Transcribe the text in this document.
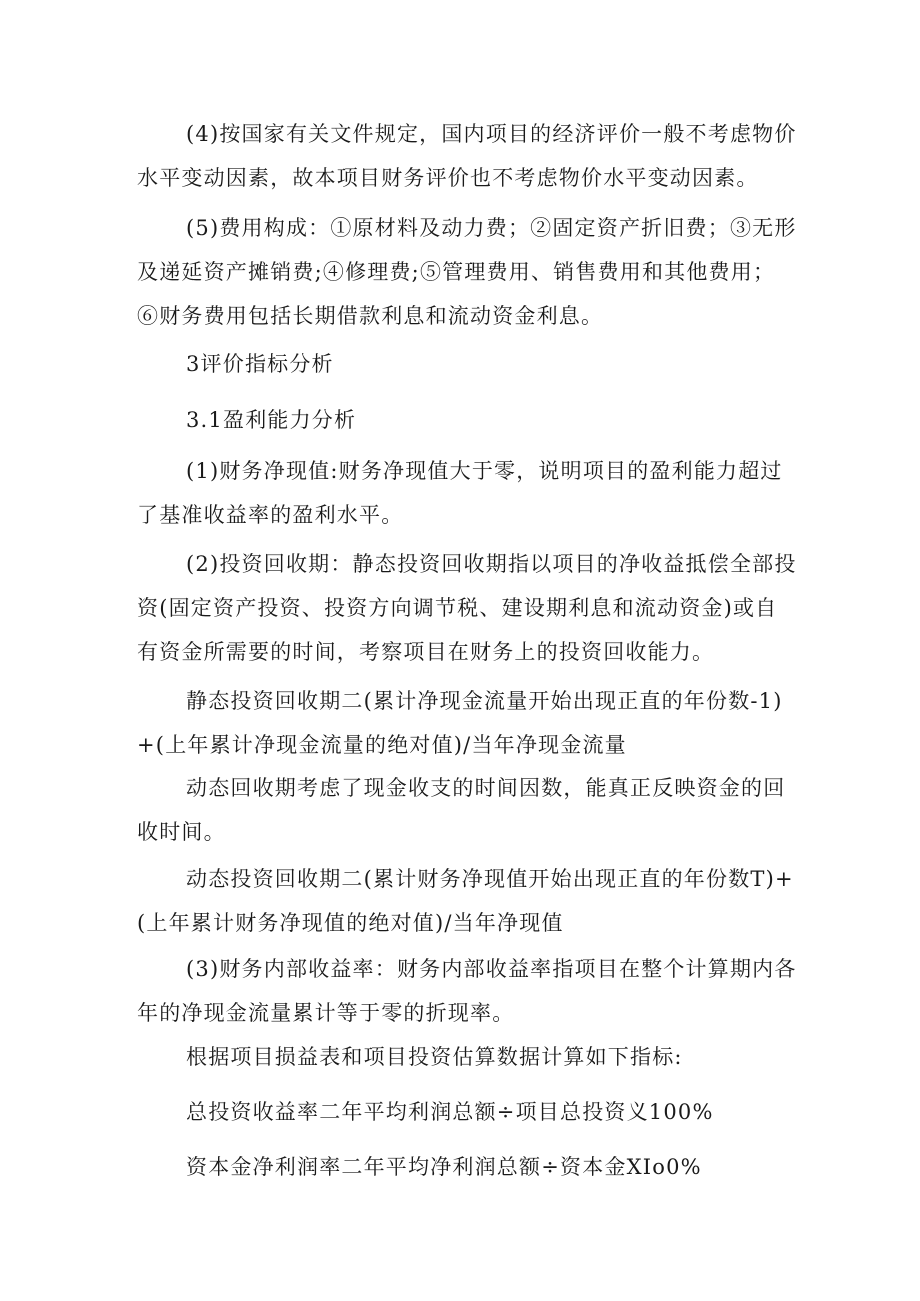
(4)按国家有关文件规定，国内项目的经济评价一般不考虑物价水平变动因素，故本项目财务评价也不考虑物价水平变动因素。

(5)费用构成：①原材料及动力费；②固定资产折旧费；③无形及递延资产摊销费;④修理费;⑤管理费用、销售费用和其他费用；⑥财务费用包括长期借款利息和流动资金利息。

3评价指标分析

3.1盈利能力分析

(1)财务净现值:财务净现值大于零，说明项目的盈利能力超过了基准收益率的盈利水平。

(2)投资回收期：静态投资回收期指以项目的净收益抵偿全部投资(固定资产投资、投资方向调节税、建设期利息和流动资金)或自有资金所需要的时间，考察项目在财务上的投资回收能力。

静态投资回收期二(累计净现金流量开始出现正直的年份数-1)+(上年累计净现金流量的绝对值)/当年净现金流量

动态回收期考虑了现金收支的时间因数，能真正反映资金的回收时间。

动态投资回收期二(累计财务净现值开始出现正直的年份数T)+(上年累计财务净现值的绝对值)/当年净现值

(3)财务内部收益率：财务内部收益率指项目在整个计算期内各年的净现金流量累计等于零的折现率。

根据项目损益表和项目投资估算数据计算如下指标:

总投资收益率二年平均利润总额÷项目总投资义100%

资本金净利润率二年平均净利润总额÷资本金XIo0%
